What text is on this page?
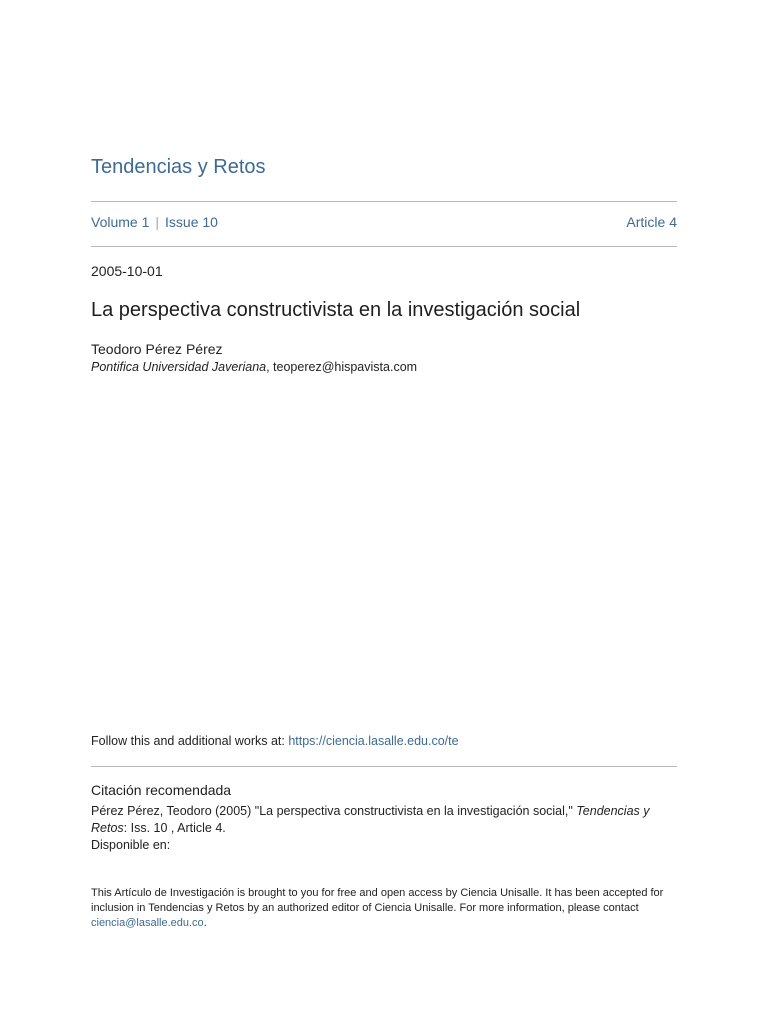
Tendencias y Retos
Volume 1 | Issue 10	Article 4
2005-10-01
La perspectiva constructivista en la investigación social
Teodoro Pérez Pérez
Pontifica Universidad Javeriana, teoperez@hispavista.com
Follow this and additional works at: https://ciencia.lasalle.edu.co/te
Citación recomendada
Pérez Pérez, Teodoro (2005) "La perspectiva constructivista en la investigación social," Tendencias y Retos: Iss. 10 , Article 4.
Disponible en:
This Artículo de Investigación is brought to you for free and open access by Ciencia Unisalle. It has been accepted for inclusion in Tendencias y Retos by an authorized editor of Ciencia Unisalle. For more information, please contact ciencia@lasalle.edu.co.
